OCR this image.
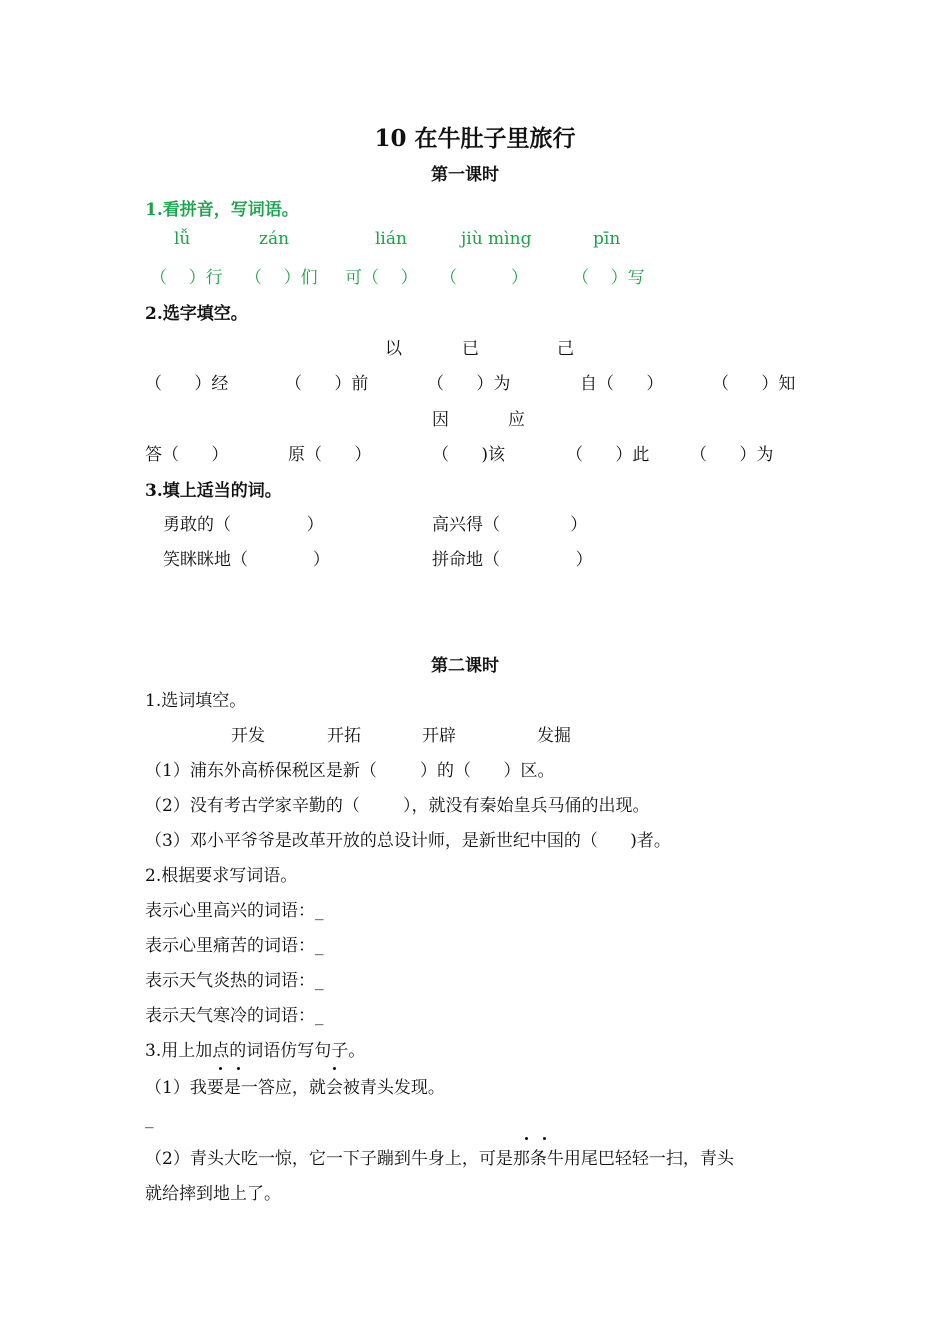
10 在牛肚子里旅行
第一课时
1.看拼音，写词语。
lǚ	zán	lián	jiù mìng	pīn
（    ）行 （    ）们 可（    ） （          ）	（    ）写
2.选字填空。
以	已	己
（      ）经	（      ）前	（      ）为	自（      ）	（      ）知
因	应
答（      ）	原（      ）	（      )该	（      ）此 （      ）为
3.填上适当的词。
勇敢的（              ）	高兴得（             ）
笑眯眯地（            ）	拼命地（              ）
第二课时
1.选词填空。
开发	开拓	开辟	发掘
（1）浦东外高桥保税区是新（        ）的（      ）区。
（2）没有考古学家辛勤的（        ），就没有秦始皇兵马俑的出现。
（3）邓小平爷爷是改革开放的总设计师，是新世纪中国的（      )者。
2.根据要求写词语。
表示心里高兴的词语：_
表示心里痛苦的词语：_
表示天气炎热的词语：_
表示天气寒冷的词语：_
3.用上加点的词语仿写句子。
（1）我要是一答应，就会被青头发现。
_
（2）青头大吃一惊，它一下子蹦到牛身上，可是那条牛用尾巴轻轻一扫，青头
就给摔到地上了。
